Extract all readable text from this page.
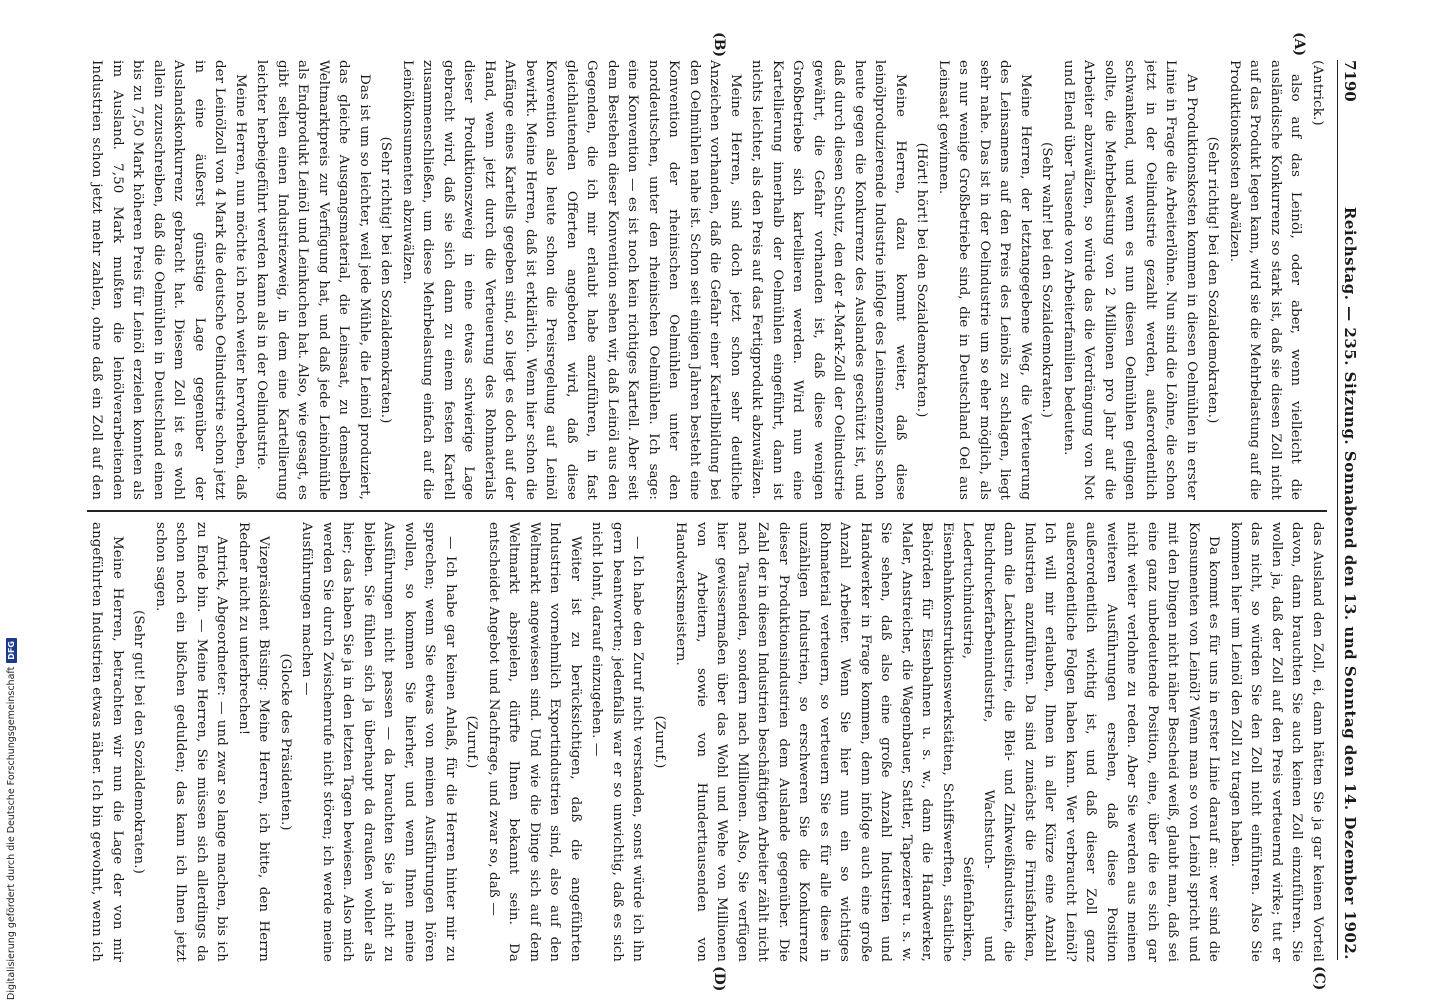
7190
Reichstag. — 235. Sitzung. Sonnabend den 13. und Sonntag den 14. Dezember 1902.
(A)
(B)
(C)
(D)

(Antrick.)

also auf das Leinöl, oder aber, wenn vielleicht die ausländische Konkurrenz so stark ist, daß sie diesen Zoll nicht auf das Produkt legen kann, wird sie die Mehrbelastung auf die Produktionskosten abwälzen.

(Sehr richtig! bei den Sozialdemokraten.)

An Produktionskosten kommen in diesen Oelmühlen in erster Linie in Frage die Arbeiterlöhne. Nun sind die Löhne, die schon jetzt in der Oelindustrie gezahlt werden, außerordentlich schwankend, und wenn es nun diesen Oelmühlen gelingen sollte, die Mehrbelastung von 2 Millionen pro Jahr auf die Arbeiter abzuwälzen, so würde das die Verdrängung von Not und Elend über Tausende von Arbeiterfamilien bedeuten.

(Sehr wahr! bei den Sozialdemokraten.)

Meine Herren, der letztangegebene Weg, die Verteuerung des Leinsamens auf den Preis des Leinöls zu schlagen, liegt sehr nahe. Das ist in der Oelindustrie um so eher möglich, als es nur wenige Großbetriebe sind, die in Deutschland Oel aus Leinsaat gewinnen.

(Hört! hört! bei den Sozialdemokraten.)

Meine Herren, dazu kommt weiter, daß diese leinölproduzierende Industrie infolge des Leinsamenzolls schon heute gegen die Konkurrenz des Auslandes geschützt ist, und daß durch diesen Schutz, den der 4-Mark-Zoll der Oelindustrie gewährt, die Gefahr vorhanden ist, daß diese wenigen Großbetriebe sich kartellieren werden. Wird nun eine Kartellierung innerhalb der Oelmühlen eingeführt, dann ist nichts leichter, als den Preis auf das Fertigprodukt abzuwälzen.

Meine Herren, sind doch jetzt schon sehr deutliche Anzeichen vorhanden, daß die Gefahr einer Kartellbildung bei den Oelmühlen nahe ist. Schon seit einigen Jahren besteht eine Konvention der rheinischen Oelmühlen unter den norddeutschen, unter den rheinischen Oelmühlen. Ich sage: eine Konvention — es ist noch kein richtiges Kartell. Aber seit dem Bestehen dieser Konvention sehen wir, daß Leinöl aus den Gegenden, die ich mir erlaubt habe anzuführen, in fast gleichlautenden Offerten angeboten wird, daß diese Konvention also heute schon die Preisregelung auf Leinöl bewirkt. Meine Herren, daß ist erklärlich. Wenn hier schon die Anfänge eines Kartells gegeben sind, so liegt es doch auf der Hand, wenn jetzt durch die Verteuerung des Rohmaterials dieser Produktionszweig in eine etwas schwierige Lage gebracht wird, daß sie sich dann zu einem festen Kartell zusammenschließen, um diese Mehrbelastung einfach auf die Leinölkonsumenten abzuwälzen.

(Sehr richtig! bei den Sozialdemokraten.)

Das ist um so leichter, weil jede Mühle, die Leinöl produziert, das gleiche Ausgangsmaterial, die Leinsaat, zu demselben Weltmarktpreis zur Verfügung hat, und daß jede Leinölmühle als Endprodukt Leinöl und Leinkuchen hat. Also, wie gesagt, es gibt selten einen Industriezweig, in dem eine Kartellierung leichter herbeigeführt werden kann als in der Oelindustrie.

Meine Herren, nun möchte ich noch weiter hervorheben, daß der Leinölzoll von 4 Mark die deutsche Oelindustrie schon jetzt in eine äußerst günstige Lage gegenüber der Auslandskonkurrenz gebracht hat. Diesem Zoll ist es wohl allein zuzuschreiben, daß die Oelmühlen in Deutschland einen bis zu 7,50 Mark höheren Preis für Leinöl erzielen konnten als im Ausland. 7,50 Mark mußten die leinölverarbeitenden Industrien schon jetzt mehr zahlen, ohne daß ein Zoll auf den

das Ausland den Zoll, ei, dann hätten Sie ja gar keinen Vorteil davon, dann brauchten Sie auch keinen Zoll einzuführen. Sie wollen ja, daß der Zoll auf den Preis verteuernd wirke; tut er das nicht, so würden Sie den Zoll nicht einführen. Also Sie kommen hier um Leinöl den Zoll zu tragen haben.

Da kommt es für uns in erster Linie darauf an: wer sind die Konsumenten von Leinöl? Wenn man so von Leinöl spricht und mit den Dingen nicht näher Bescheid weiß, glaubt man, daß sei eine ganz unbedeutende Position, eine, über die es sich gar nicht weiter verlohne zu reden. Aber Sie werden aus meinen weiteren Ausführungen ersehen, daß diese Position außerordentlich wichtig ist, und daß dieser Zoll ganz außerordentliche Folgen haben kann. Wer verbraucht Leinöl? Ich will mir erlauben, Ihnen in aller Kürze eine Anzahl Industrien anzuführen. Da sind zunächst die Firnisfabriken, dann die Lackindustrie, die Blei- und Zinkweißindustrie, die Buchdruckerfarbenindustrie, Wachstuch- und Ledertuchindustrie, Seifenfabriken, Eisenbahnkonstruktionswerkstätten, Schiffswerften, staatliche Behörden für Eisenbahnen u. s. w., dann die Handwerker, Maler, Anstreicher, die Wagenbauer, Sattler, Tapezierer u. s. w. Sie sehen, daß also eine große Anzahl Industrien und Handwerker in Frage kommen, denn infolge auch eine große Anzahl Arbeiter. Wenn Sie hier nun ein so wichtiges Rohmaterial verteuern, so verteuern Sie es für alle diese in unzähligen Industrien, so erschweren Sie die Konkurrenz dieser Produktionsindustrien dem Auslande gegenüber. Die Zahl der in diesen Industrien beschäftigten Arbeiter zählt nicht nach Tausenden, sondern nach Millionen. Also, Sie verfügen hier gewissermaßen über das Wohl und Wehe von Millionen von Arbeitern, sowie von Hunderttausenden von Handwerksmeistern.

(Zuruf.)

— Ich habe den Zuruf nicht verstanden, sonst würde ich ihn gern beantworten; jedenfalls war er so unwichtig, daß es sich nicht lohnt, darauf einzugehen. —

Weiter ist zu berücksichtigen, daß die angeführten Industrien vornehmlich Exportindustrien sind, also auf den Weltmarkt angewiesen sind. Und wie die Dinge sich auf dem Weltmarkt abspielen, dürfte Ihnen bekannt sein. Da entscheidet Angebot und Nachfrage, und zwar so, daß —

(Zuruf.)

— Ich habe gar keinen Anlaß, für die Herren hinter mir zu sprechen; wenn Sie etwas von meinen Ausführungen hören wollen, so kommen Sie hierher, und wenn Ihnen meine Ausführungen nicht passen — da brauchten Sie ja nicht zu bleiben. Sie fühlen sich ja überhaupt da draußen wohler als hier; das haben Sie ja in den letzten Tagen bewiesen. Also mich werden Sie durch Zwischenrufe nicht stören; ich werde meine Ausführungen machen —

(Glocke des Präsidenten.)

Vizepräsident Büsing: Meine Herren, ich bitte, den Herrn Redner nicht zu unterbrechen!

Antrick, Abgeordneter: — und zwar so lange machen, bis ich zu Ende bin. — Meine Herren, Sie müssen sich allerdings da schon noch ein bißchen gedulden; das kann ich Ihnen jetzt schon sagen.

(Sehr gut! bei den Sozialdemokraten.)

Meine Herren, betrachten wir nun die Lage der von mir angeführten Industrien etwas näher. Ich bin gewohnt, wenn ich

Digitalisierung gefördert durch die Deutsche Forschungsgemeinschaft
DFG
